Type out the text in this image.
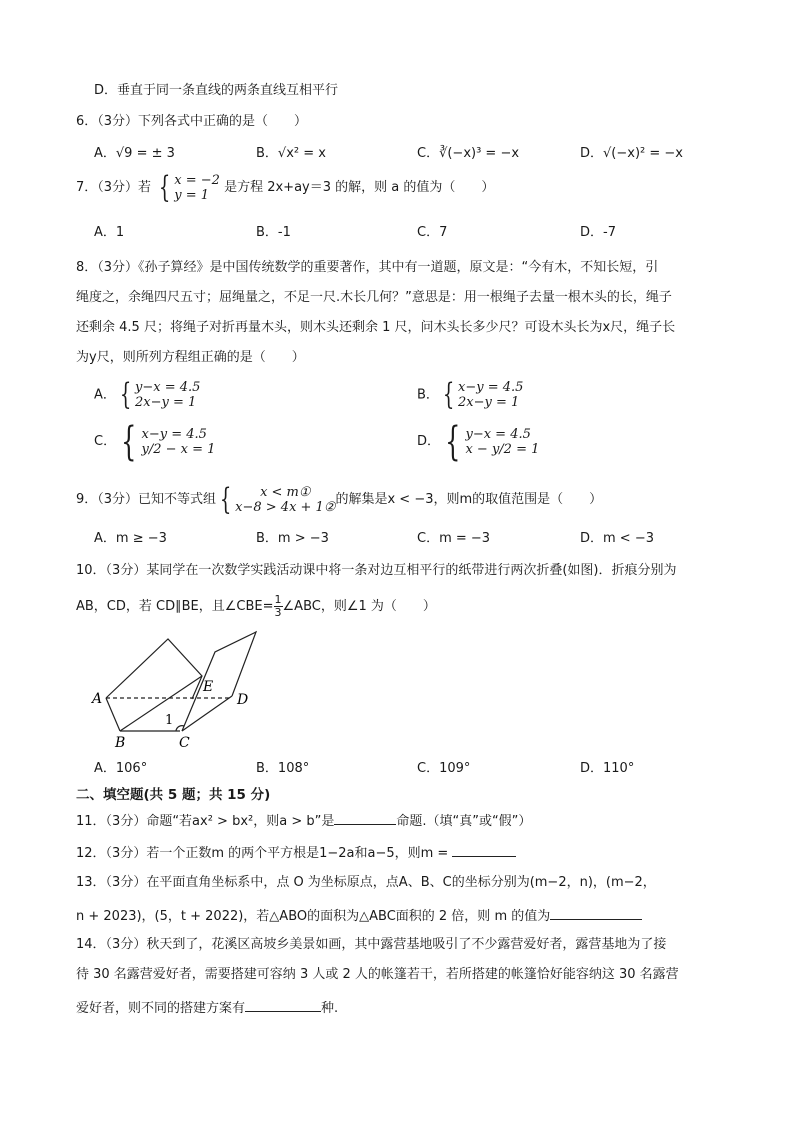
D．垂直于同一条直线的两条直线互相平行
6．（3分）下列各式中正确的是（　　）
A．√9 = ± 3	B．√x² = x	C．∛(−x)³ = −x	D．√(−x)² = −x
7．（3分）若 { x = −2
y = 1	是方程 2x+ay＝3 的解，则 a 的值为（　　）
A．1	B．-1	C．7	D．-7
8．（3分）《孙子算经》是中国传统数学的重要著作，其中有一道题，原文是：“今有木，不知长短，引
绳度之，余绳四尺五寸；屈绳量之，不足一尺.木长几何？”意思是：用一根绳子去量一根木头的长，绳子
还剩余 4.5 尺；将绳子对折再量木头，则木头还剩余 1 尺，问木头长多少尺？可设木头长为x尺，绳子长
为y尺，则所列方程组正确的是（　　）
A． { y−x = 4.5
2x−y = 1	B． { x−y = 4.5
2x−y = 1
C． { x−y = 4.5
y/2 − x = 1	D． { y−x = 4.5
x − y/2 = 1
9．（3分）已知不等式组 {	x < m①
x−8 > 4x + 1② 的解集是x < −3，则m的取值范围是（　　）
A．m ≥ −3	B．m > −3	C．m = −3	D．m < −3
10．（3分）某同学在一次数学实践活动课中将一条对边互相平行的纸带进行两次折叠(如图)．折痕分别为
AB，CD，若 CD∥BE，且∠CBE= $\frac{1}{3}$ ∠ABC，则∠1 为（　　）
A
B	C
D
E
1
A．106°	B．108°	C．109°	D．110°
二、填空题(共 5 题；共 15 分)
11．（3分）命题“若ax² > bx²，则a > b”是	命题.（填“真”或“假”）
12．（3分）若一个正数m 的两个平方根是1−2a和a−5，则m =
13．（3分）在平面直角坐标系中，点 O 为坐标原点，点A、B、C的坐标分别为(m−2，n)，(m−2，
n + 2023)，(5，t + 2022)，若△ABO的面积为△ABC面积的 2 倍，则 m 的值为
14．（3分）秋天到了，花溪区高坡乡美景如画，其中露营基地吸引了不少露营爱好者，露营基地为了接
待 30 名露营爱好者，需要搭建可容纳 3 人或 2 人的帐篷若干，若所搭建的帐篷恰好能容纳这 30 名露营
爱好者，则不同的搭建方案有	种.
